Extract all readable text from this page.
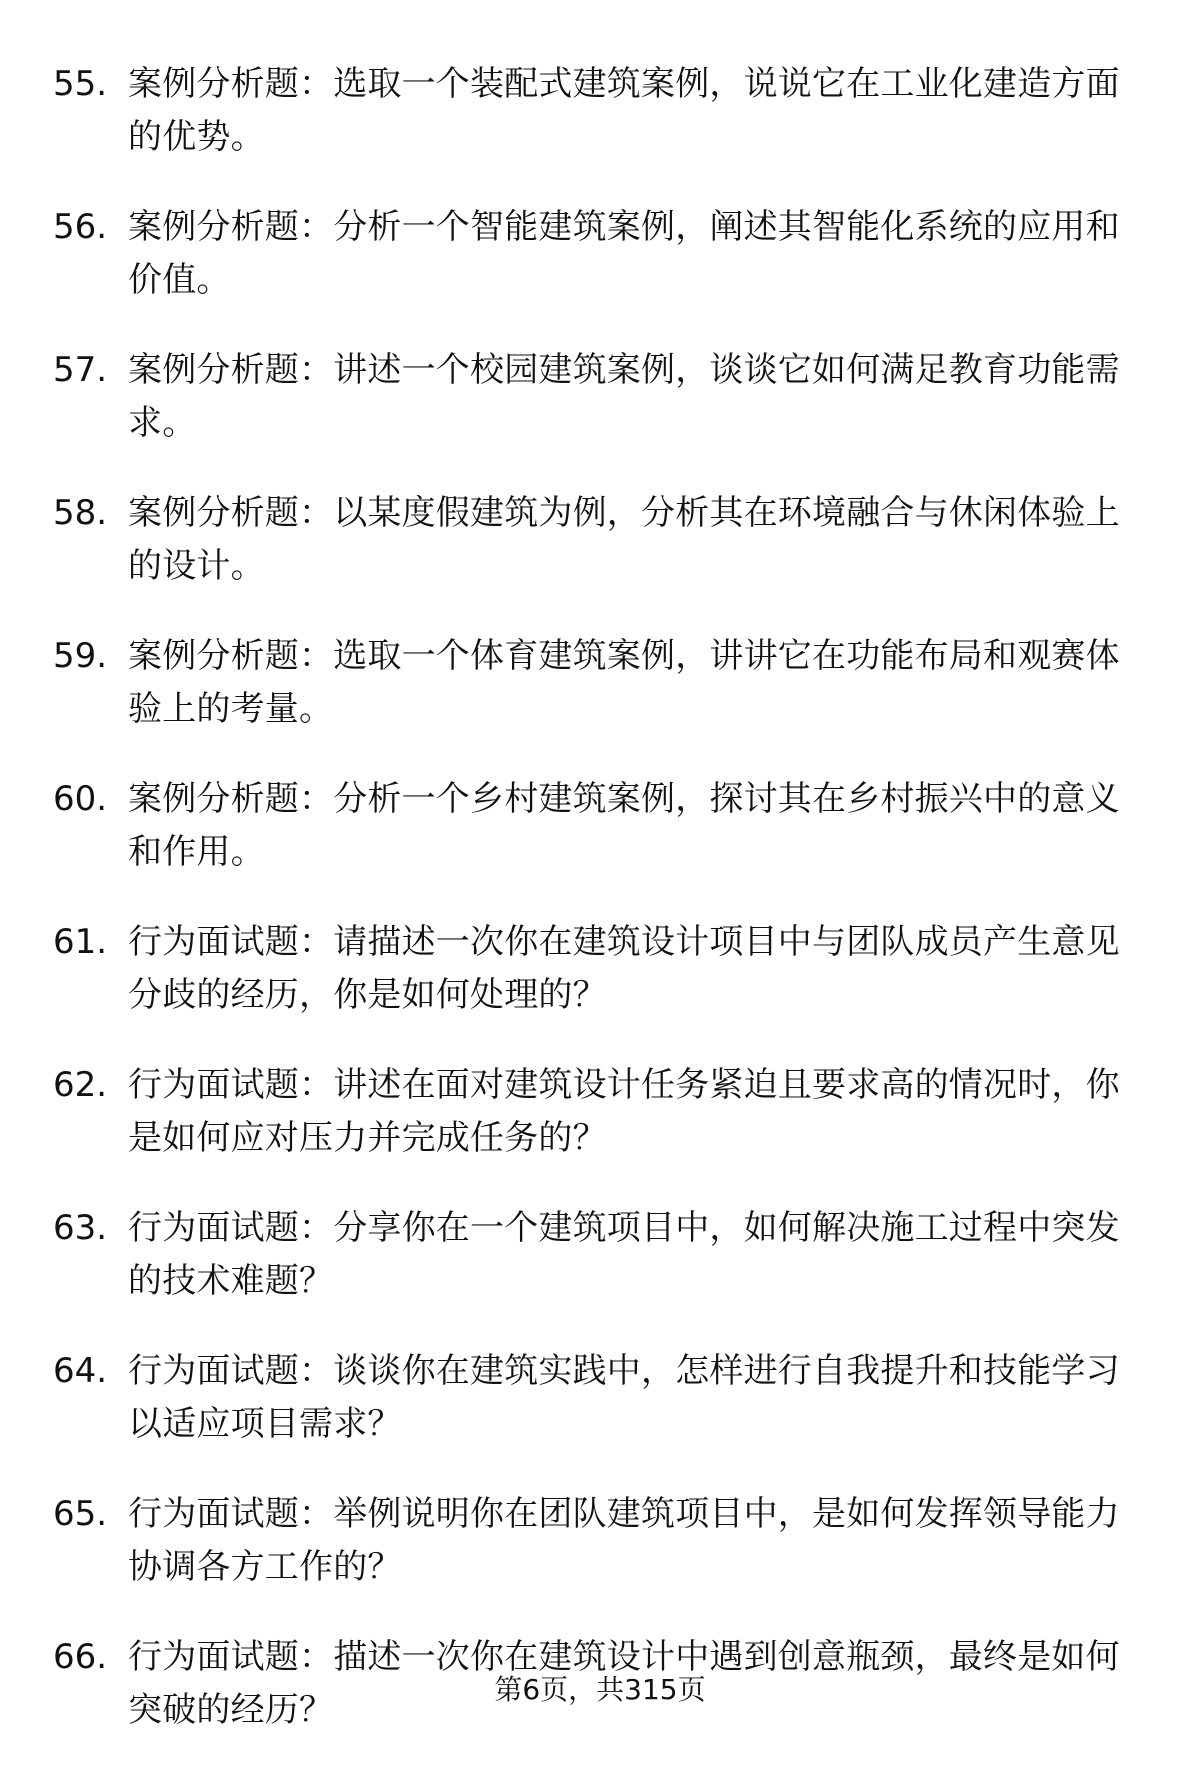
55. 案例分析题：选取一个装配式建筑案例，说说它在工业化建造方面的优势。
56. 案例分析题：分析一个智能建筑案例，阐述其智能化系统的应用和价值。
57. 案例分析题：讲述一个校园建筑案例，谈谈它如何满足教育功能需求。
58. 案例分析题：以某度假建筑为例，分析其在环境融合与休闲体验上的设计。
59. 案例分析题：选取一个体育建筑案例，讲讲它在功能布局和观赛体验上的考量。
60. 案例分析题：分析一个乡村建筑案例，探讨其在乡村振兴中的意义和作用。
61. 行为面试题：请描述一次你在建筑设计项目中与团队成员产生意见分歧的经历，你是如何处理的？
62. 行为面试题：讲述在面对建筑设计任务紧迫且要求高的情况时，你是如何应对压力并完成任务的？
63. 行为面试题：分享你在一个建筑项目中，如何解决施工过程中突发的技术难题？
64. 行为面试题：谈谈你在建筑实践中，怎样进行自我提升和技能学习以适应项目需求？
65. 行为面试题：举例说明你在团队建筑项目中，是如何发挥领导能力协调各方工作的？
66. 行为面试题：描述一次你在建筑设计中遇到创意瓶颈，最终是如何突破的经历？
第6页，共315页
